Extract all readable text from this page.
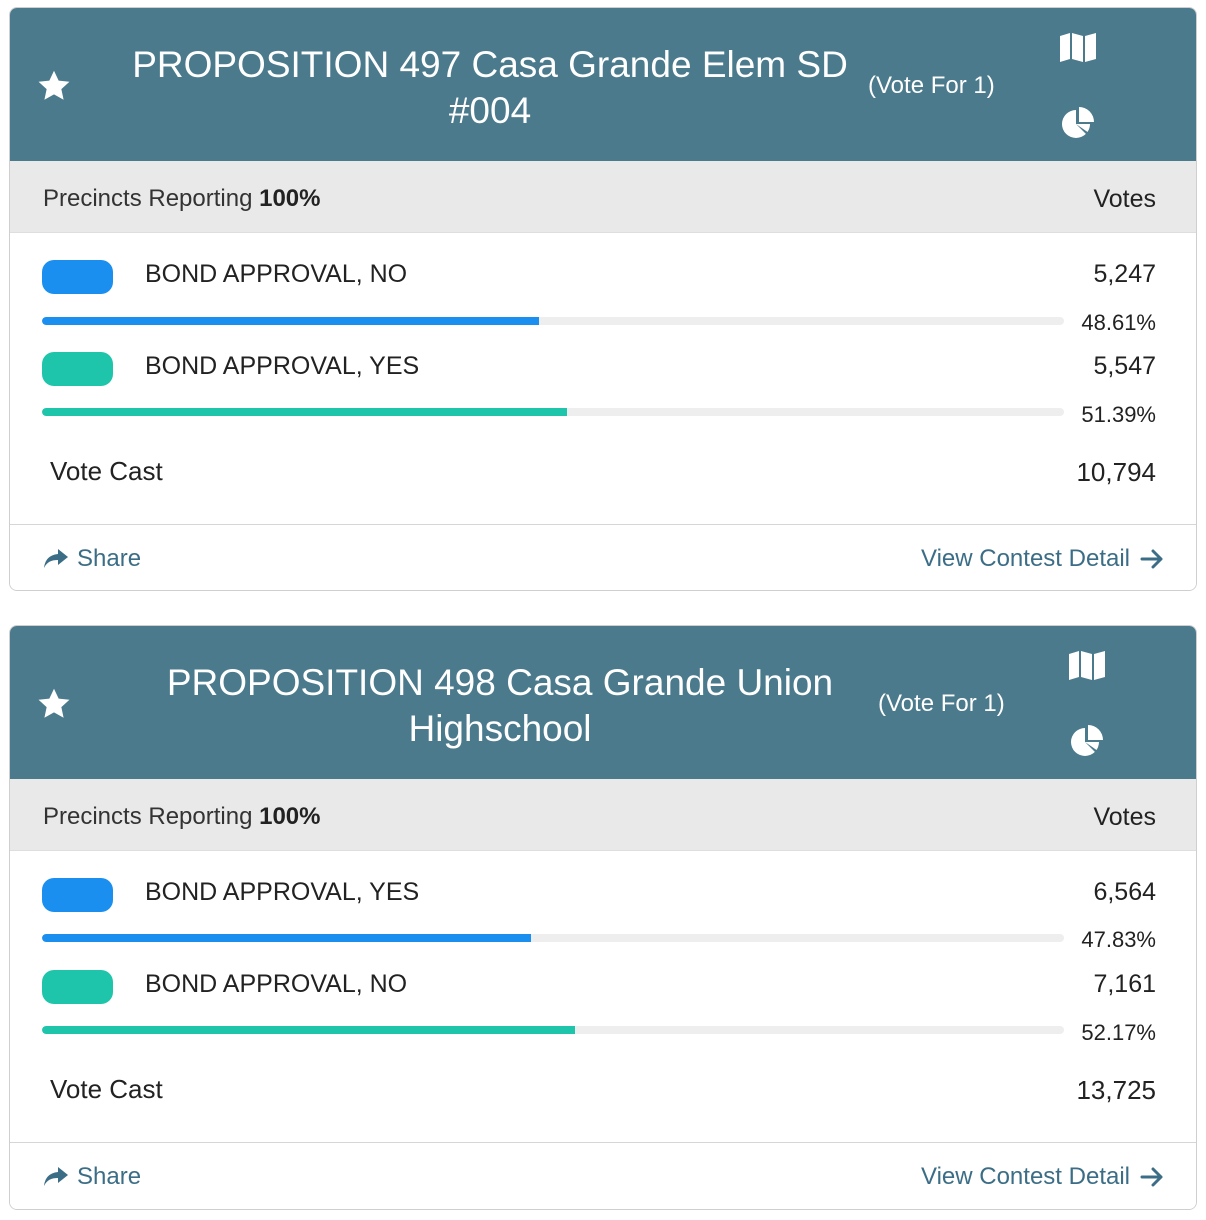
PROPOSITION 497 Casa Grande Elem SD
#004
(Vote For 1)
Precincts Reporting 100%	Votes
BOND APPROVAL, NO	5,247
48.61%
BOND APPROVAL, YES	5,547
51.39%
Vote Cast	10,794
Share	View Contest Detail
PROPOSITION 498 Casa Grande Union
Highschool
(Vote For 1)
Precincts Reporting 100%	Votes
BOND APPROVAL, YES	6,564
47.83%
BOND APPROVAL, NO	7,161
52.17%
Vote Cast	13,725
Share	View Contest Detail
